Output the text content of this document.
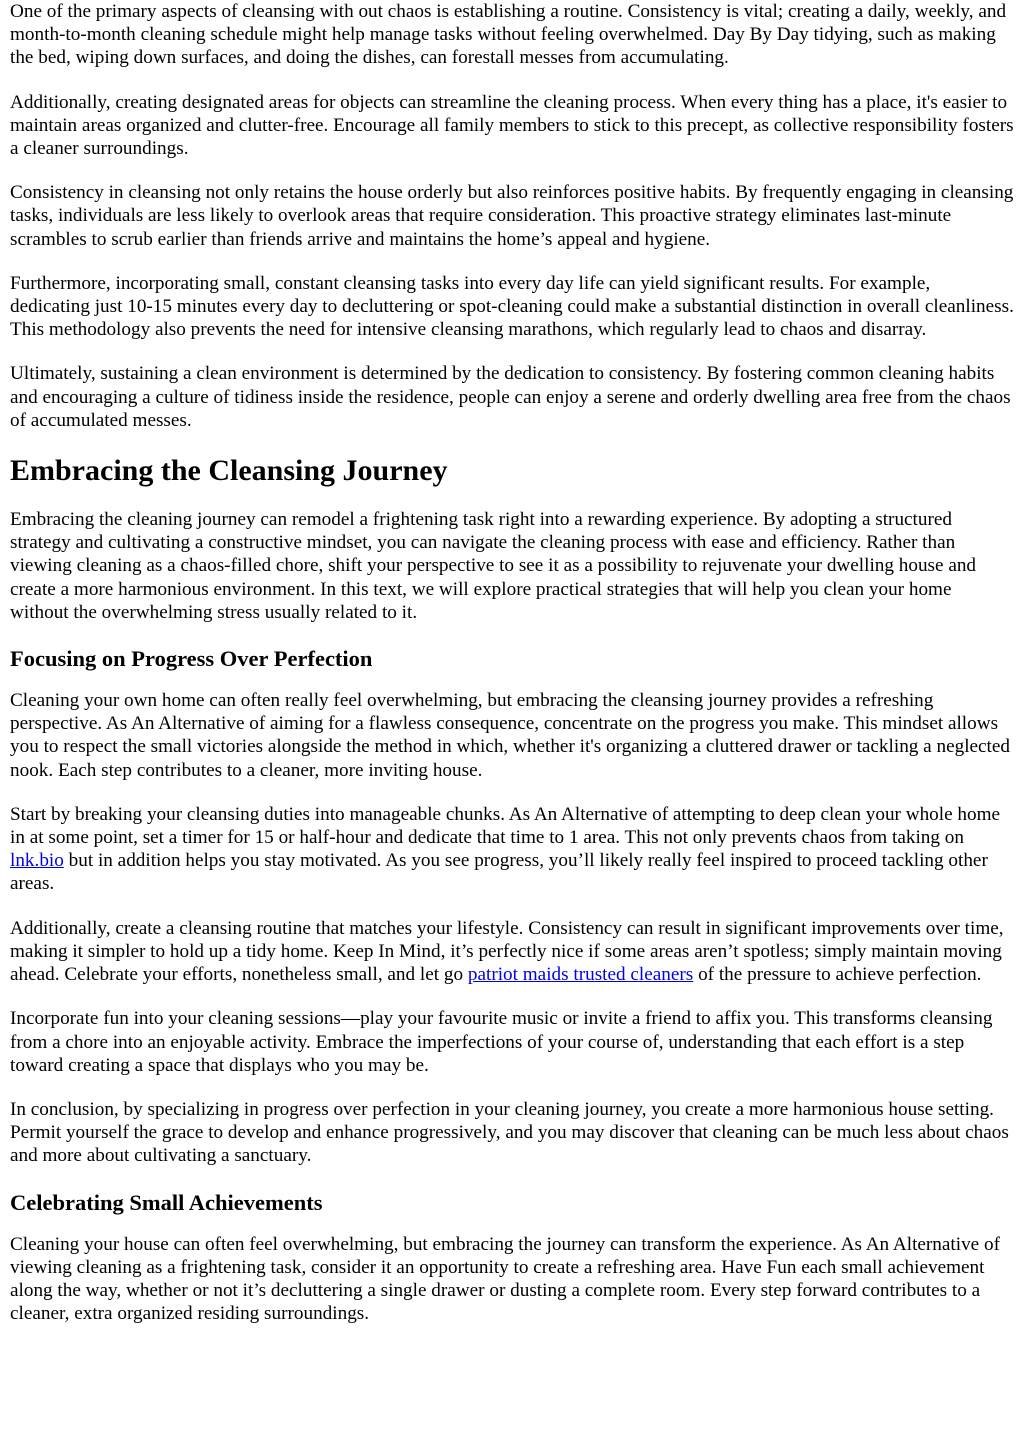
One of the primary aspects of cleansing with out chaos is establishing a routine. Consistency is vital; creating a daily, weekly, and month-to-month cleaning schedule might help manage tasks without feeling overwhelmed. Day By Day tidying, such as making the bed, wiping down surfaces, and doing the dishes, can forestall messes from accumulating.

Additionally, creating designated areas for objects can streamline the cleaning process. When every thing has a place, it's easier to maintain areas organized and clutter-free. Encourage all family members to stick to this precept, as collective responsibility fosters a cleaner surroundings.

Consistency in cleansing not only retains the house orderly but also reinforces positive habits. By frequently engaging in cleansing tasks, individuals are less likely to overlook areas that require consideration. This proactive strategy eliminates last-minute scrambles to scrub earlier than friends arrive and maintains the home’s appeal and hygiene.

Furthermore, incorporating small, constant cleansing tasks into every day life can yield significant results. For example, dedicating just 10-15 minutes every day to decluttering or spot-cleaning could make a substantial distinction in overall cleanliness. This methodology also prevents the need for intensive cleansing marathons, which regularly lead to chaos and disarray.

Ultimately, sustaining a clean environment is determined by the dedication to consistency. By fostering common cleaning habits and encouraging a culture of tidiness inside the residence, people can enjoy a serene and orderly dwelling area free from the chaos of accumulated messes.

Embracing the Cleansing Journey

Embracing the cleaning journey can remodel a frightening task right into a rewarding experience. By adopting a structured strategy and cultivating a constructive mindset, you can navigate the cleaning process with ease and efficiency. Rather than viewing cleaning as a chaos-filled chore, shift your perspective to see it as a possibility to rejuvenate your dwelling house and create a more harmonious environment. In this text, we will explore practical strategies that will help you clean your home without the overwhelming stress usually related to it.

Focusing on Progress Over Perfection

Cleaning your own home can often really feel overwhelming, but embracing the cleansing journey provides a refreshing perspective. As An Alternative of aiming for a flawless consequence, concentrate on the progress you make. This mindset allows you to respect the small victories alongside the method in which, whether it's organizing a cluttered drawer or tackling a neglected nook. Each step contributes to a cleaner, more inviting house.

Start by breaking your cleansing duties into manageable chunks. As An Alternative of attempting to deep clean your whole home in at some point, set a timer for 15 or half-hour and dedicate that time to 1 area. This not only prevents chaos from taking on lnk.bio but in addition helps you stay motivated. As you see progress, you’ll likely really feel inspired to proceed tackling other areas.

Additionally, create a cleansing routine that matches your lifestyle. Consistency can result in significant improvements over time, making it simpler to hold up a tidy home. Keep In Mind, it’s perfectly nice if some areas aren’t spotless; simply maintain moving ahead. Celebrate your efforts, nonetheless small, and let go patriot maids trusted cleaners of the pressure to achieve perfection.

Incorporate fun into your cleaning sessions—play your favourite music or invite a friend to affix you. This transforms cleansing from a chore into an enjoyable activity. Embrace the imperfections of your course of, understanding that each effort is a step toward creating a space that displays who you may be.

In conclusion, by specializing in progress over perfection in your cleaning journey, you create a more harmonious house setting. Permit yourself the grace to develop and enhance progressively, and you may discover that cleaning can be much less about chaos and more about cultivating a sanctuary.

Celebrating Small Achievements

Cleaning your house can often feel overwhelming, but embracing the journey can transform the experience. As An Alternative of viewing cleaning as a frightening task, consider it an opportunity to create a refreshing area. Have Fun each small achievement along the way, whether or not it’s decluttering a single drawer or dusting a complete room. Every step forward contributes to a cleaner, extra organized residing surroundings.
